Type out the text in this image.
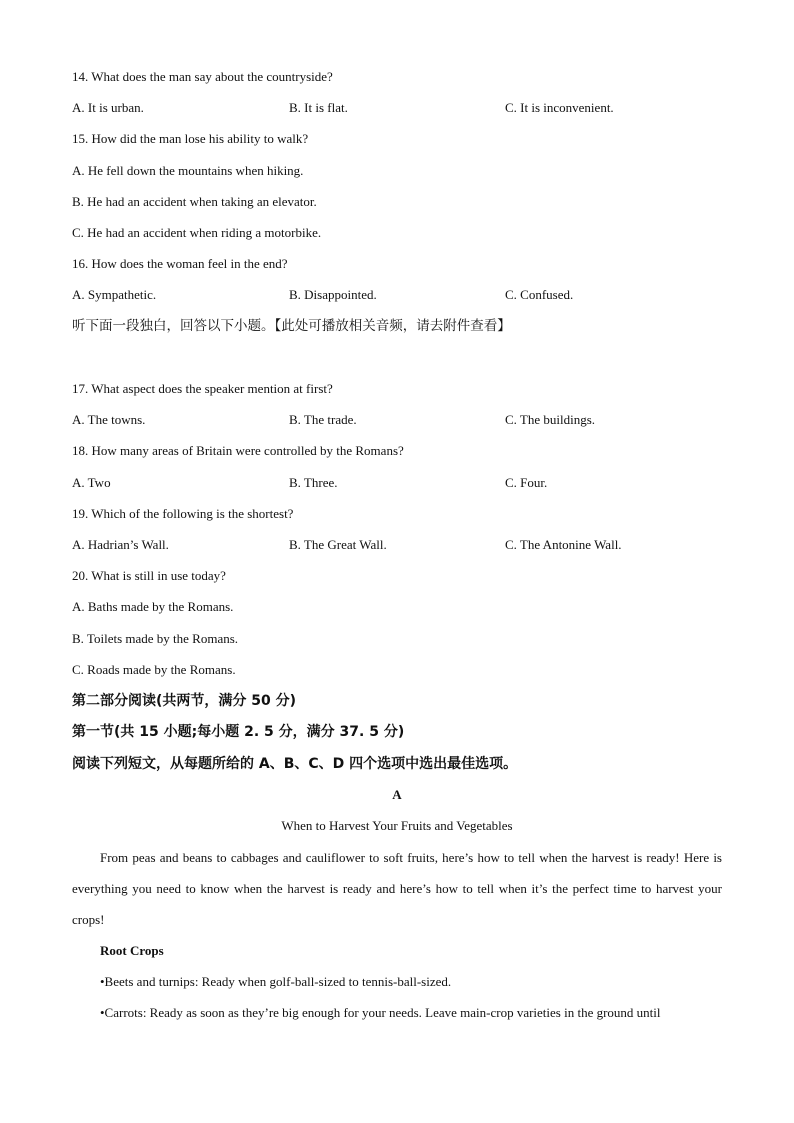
14. What does the man say about the countryside?
A. It is urban.	B. It is flat.	C. It is inconvenient.
15. How did the man lose his ability to walk?
A. He fell down the mountains when hiking.
B. He had an accident when taking an elevator.
C. He had an accident when riding a motorbike.
16. How does the woman feel in the end?
A. Sympathetic.	B. Disappointed.	C. Confused.
听下面一段独白，回答以下小题。【此处可播放相关音频，请去附件查看】
17. What aspect does the speaker mention at first?
A. The towns.	B. The trade.	C. The buildings.
18. How many areas of Britain were controlled by the Romans?
A. Two	B. Three.	C. Four.
19. Which of the following is the shortest?
A. Hadrian’s Wall.	B. The Great Wall.	C. The Antonine Wall.
20. What is still in use today?
A. Baths made by the Romans.
B. Toilets made by the Romans.
C. Roads made by the Romans.
第二部分阅读(共两节，满分 50 分)
第一节(共 15 小题;每小题 2. 5 分，满分 37. 5 分)
阅读下列短文，从每题所给的 A、B、C、D 四个选项中选出最佳选项。
A
When to Harvest Your Fruits and Vegetables
From peas and beans to cabbages and cauliflower to soft fruits, here’s how to tell when the harvest is ready! Here is everything you need to know when the harvest is ready and here’s how to tell when it’s the perfect time to harvest your crops!
Root Crops
•Beets and turnips: Ready when golf-ball-sized to tennis-ball-sized.
•Carrots: Ready as soon as they’re big enough for your needs. Leave main-crop varieties in the ground until
